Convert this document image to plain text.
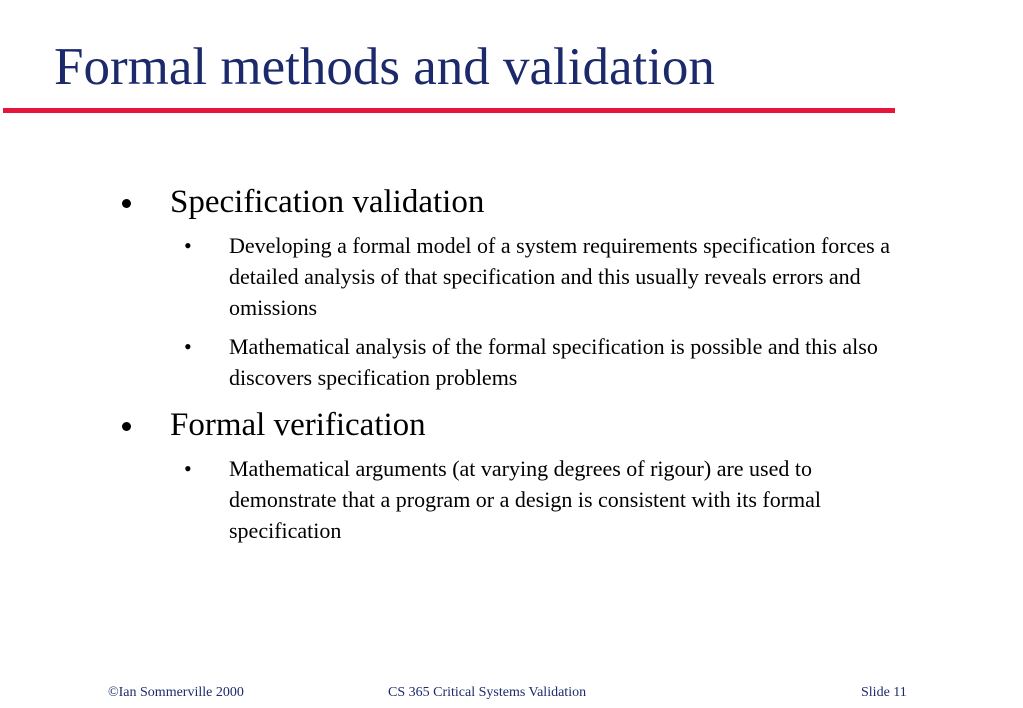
Formal methods and validation
Specification validation
• Developing a formal model of a system requirements specification forces a detailed analysis of that specification and this usually reveals errors and omissions
• Mathematical analysis of the formal specification is possible and this also discovers specification problems
Formal verification
• Mathematical arguments (at varying degrees of rigour) are used to demonstrate that a program or a design is consistent with its formal specification
©Ian Sommerville 2000	CS 365 Critical Systems Validation	Slide 11
